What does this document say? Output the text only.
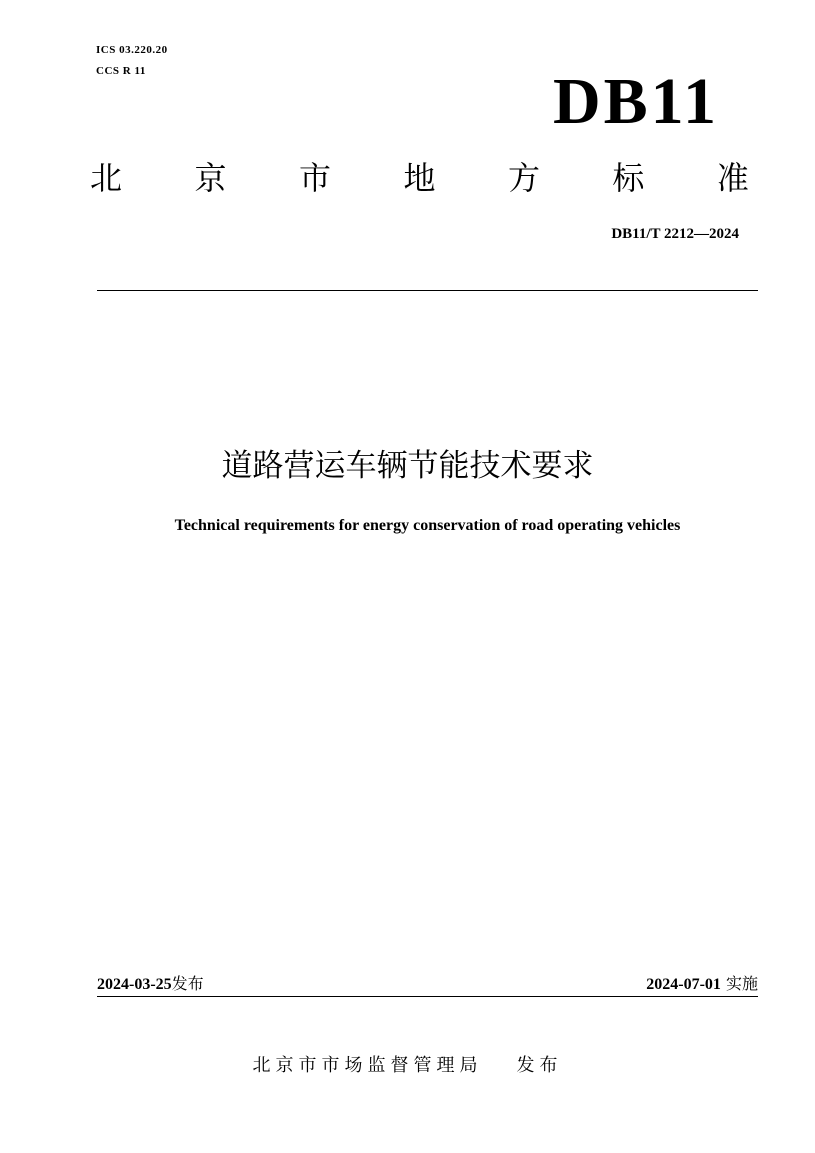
ICS 03.220.20
CCS R 11	DB11
北 京 市 地 方 标 准
DB11/T 2212—2024
道路营运车辆节能技术要求
Technical requirements for energy conservation of road operating vehicles
2024-03-25发布	2024-07-01 实施
北京市市场监督管理局 发布
